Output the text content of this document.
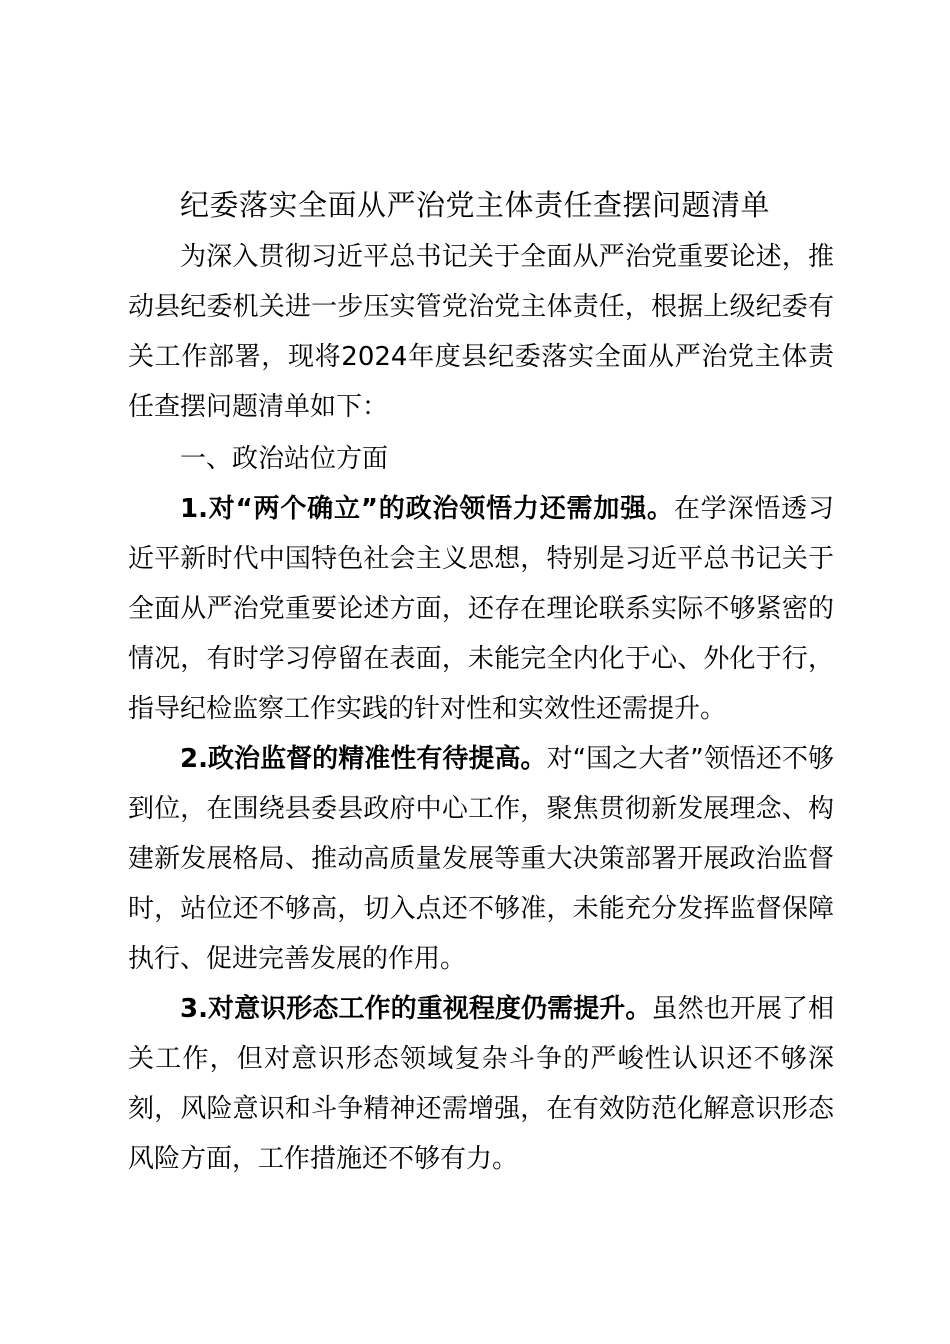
纪委落实全面从严治党主体责任查摆问题清单

为深入贯彻习近平总书记关于全面从严治党重要论述，推动县纪委机关进一步压实管党治党主体责任，根据上级纪委有关工作部署，现将2024年度县纪委落实全面从严治党主体责任查摆问题清单如下：

一、政治站位方面

1.对“两个确立”的政治领悟力还需加强。在学深悟透习近平新时代中国特色社会主义思想，特别是习近平总书记关于全面从严治党重要论述方面，还存在理论联系实际不够紧密的情况，有时学习停留在表面，未能完全内化于心、外化于行，指导纪检监察工作实践的针对性和实效性还需提升。

2.政治监督的精准性有待提高。对“国之大者”领悟还不够到位，在围绕县委县政府中心工作，聚焦贯彻新发展理念、构建新发展格局、推动高质量发展等重大决策部署开展政治监督时，站位还不够高，切入点还不够准，未能充分发挥监督保障执行、促进完善发展的作用。

3.对意识形态工作的重视程度仍需提升。虽然也开展了相关工作，但对意识形态领域复杂斗争的严峻性认识还不够深刻，风险意识和斗争精神还需增强，在有效防范化解意识形态风险方面，工作措施还不够有力。
